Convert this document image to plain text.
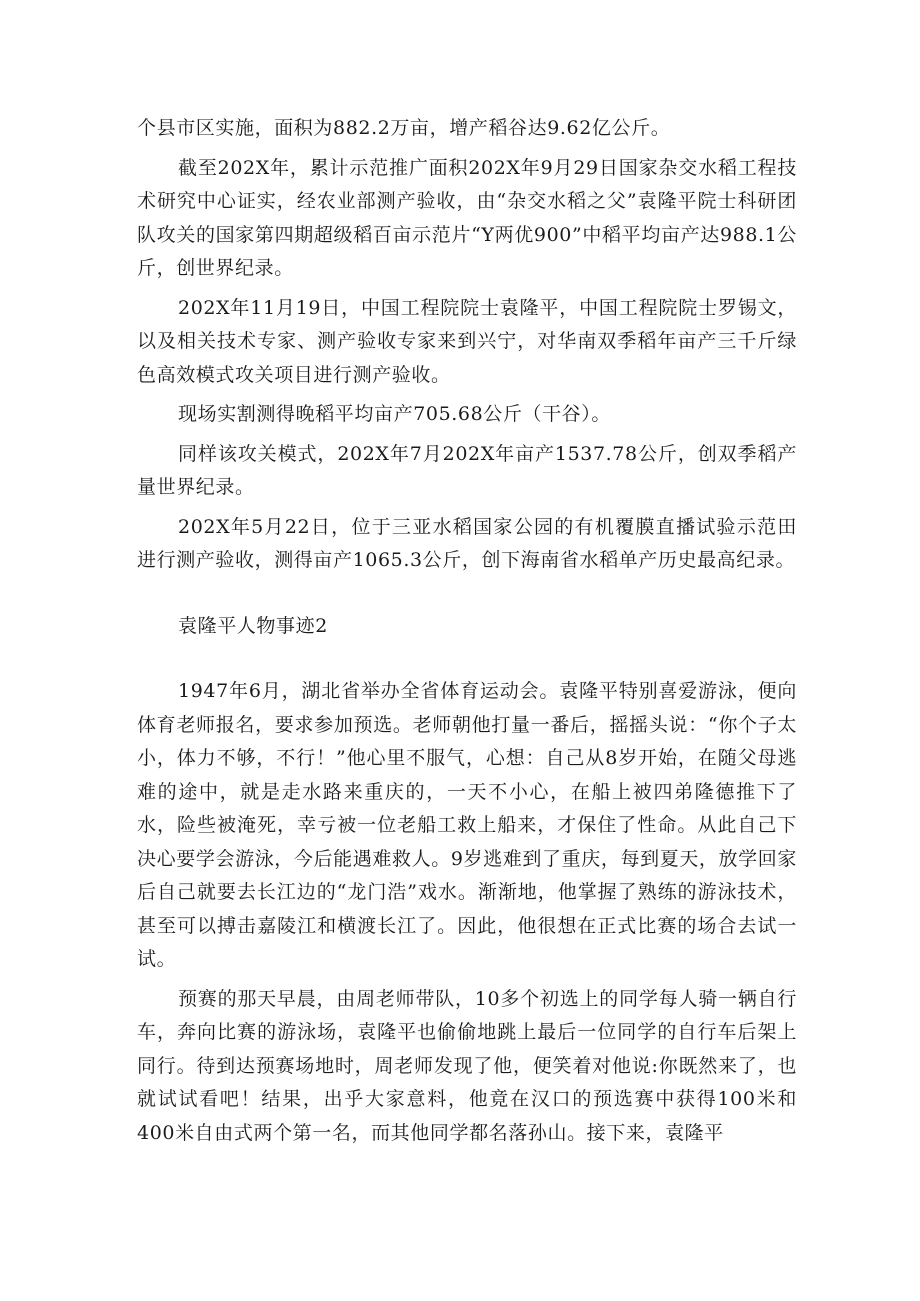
个县市区实施，面积为882.2万亩，增产稻谷达9.62亿公斤。

截至202X年，累计示范推广面积202X年9月29日国家杂交水稻工程技术研究中心证实，经农业部测产验收，由“杂交水稻之父”袁隆平院士科研团队攻关的国家第四期超级稻百亩示范片“Y两优900”中稻平均亩产达988.1公斤，创世界纪录。

202X年11月19日，中国工程院院士袁隆平，中国工程院院士罗锡文，以及相关技术专家、测产验收专家来到兴宁，对华南双季稻年亩产三千斤绿色高效模式攻关项目进行测产验收。

现场实割测得晚稻平均亩产705.68公斤（干谷）。

同样该攻关模式，202X年7月202X年亩产1537.78公斤，创双季稻产量世界纪录。

202X年5月22日，位于三亚水稻国家公园的有机覆膜直播试验示范田进行测产验收，测得亩产1065.3公斤，创下海南省水稻单产历史最高纪录。

袁隆平人物事迹2

1947年6月，湖北省举办全省体育运动会。袁隆平特别喜爱游泳，便向体育老师报名，要求参加预选。老师朝他打量一番后，摇摇头说：“你个子太小，体力不够，不行！”他心里不服气，心想：自己从8岁开始，在随父母逃难的途中，就是走水路来重庆的，一天不小心，在船上被四弟隆德推下了水，险些被淹死，幸亏被一位老船工救上船来，才保住了性命。从此自己下决心要学会游泳，今后能遇难救人。9岁逃难到了重庆，每到夏天，放学回家后自己就要去长江边的“龙门浩”戏水。渐渐地，他掌握了熟练的游泳技术，甚至可以搏击嘉陵江和横渡长江了。因此，他很想在正式比赛的场合去试一试。

预赛的那天早晨，由周老师带队，10多个初选上的同学每人骑一辆自行车，奔向比赛的游泳场，袁隆平也偷偷地跳上最后一位同学的自行车后架上同行。待到达预赛场地时，周老师发现了他，便笑着对他说:你既然来了，也就试试看吧！结果，出乎大家意料，他竟在汉口的预选赛中获得100米和400米自由式两个第一名，而其他同学都名落孙山。接下来，袁隆平
